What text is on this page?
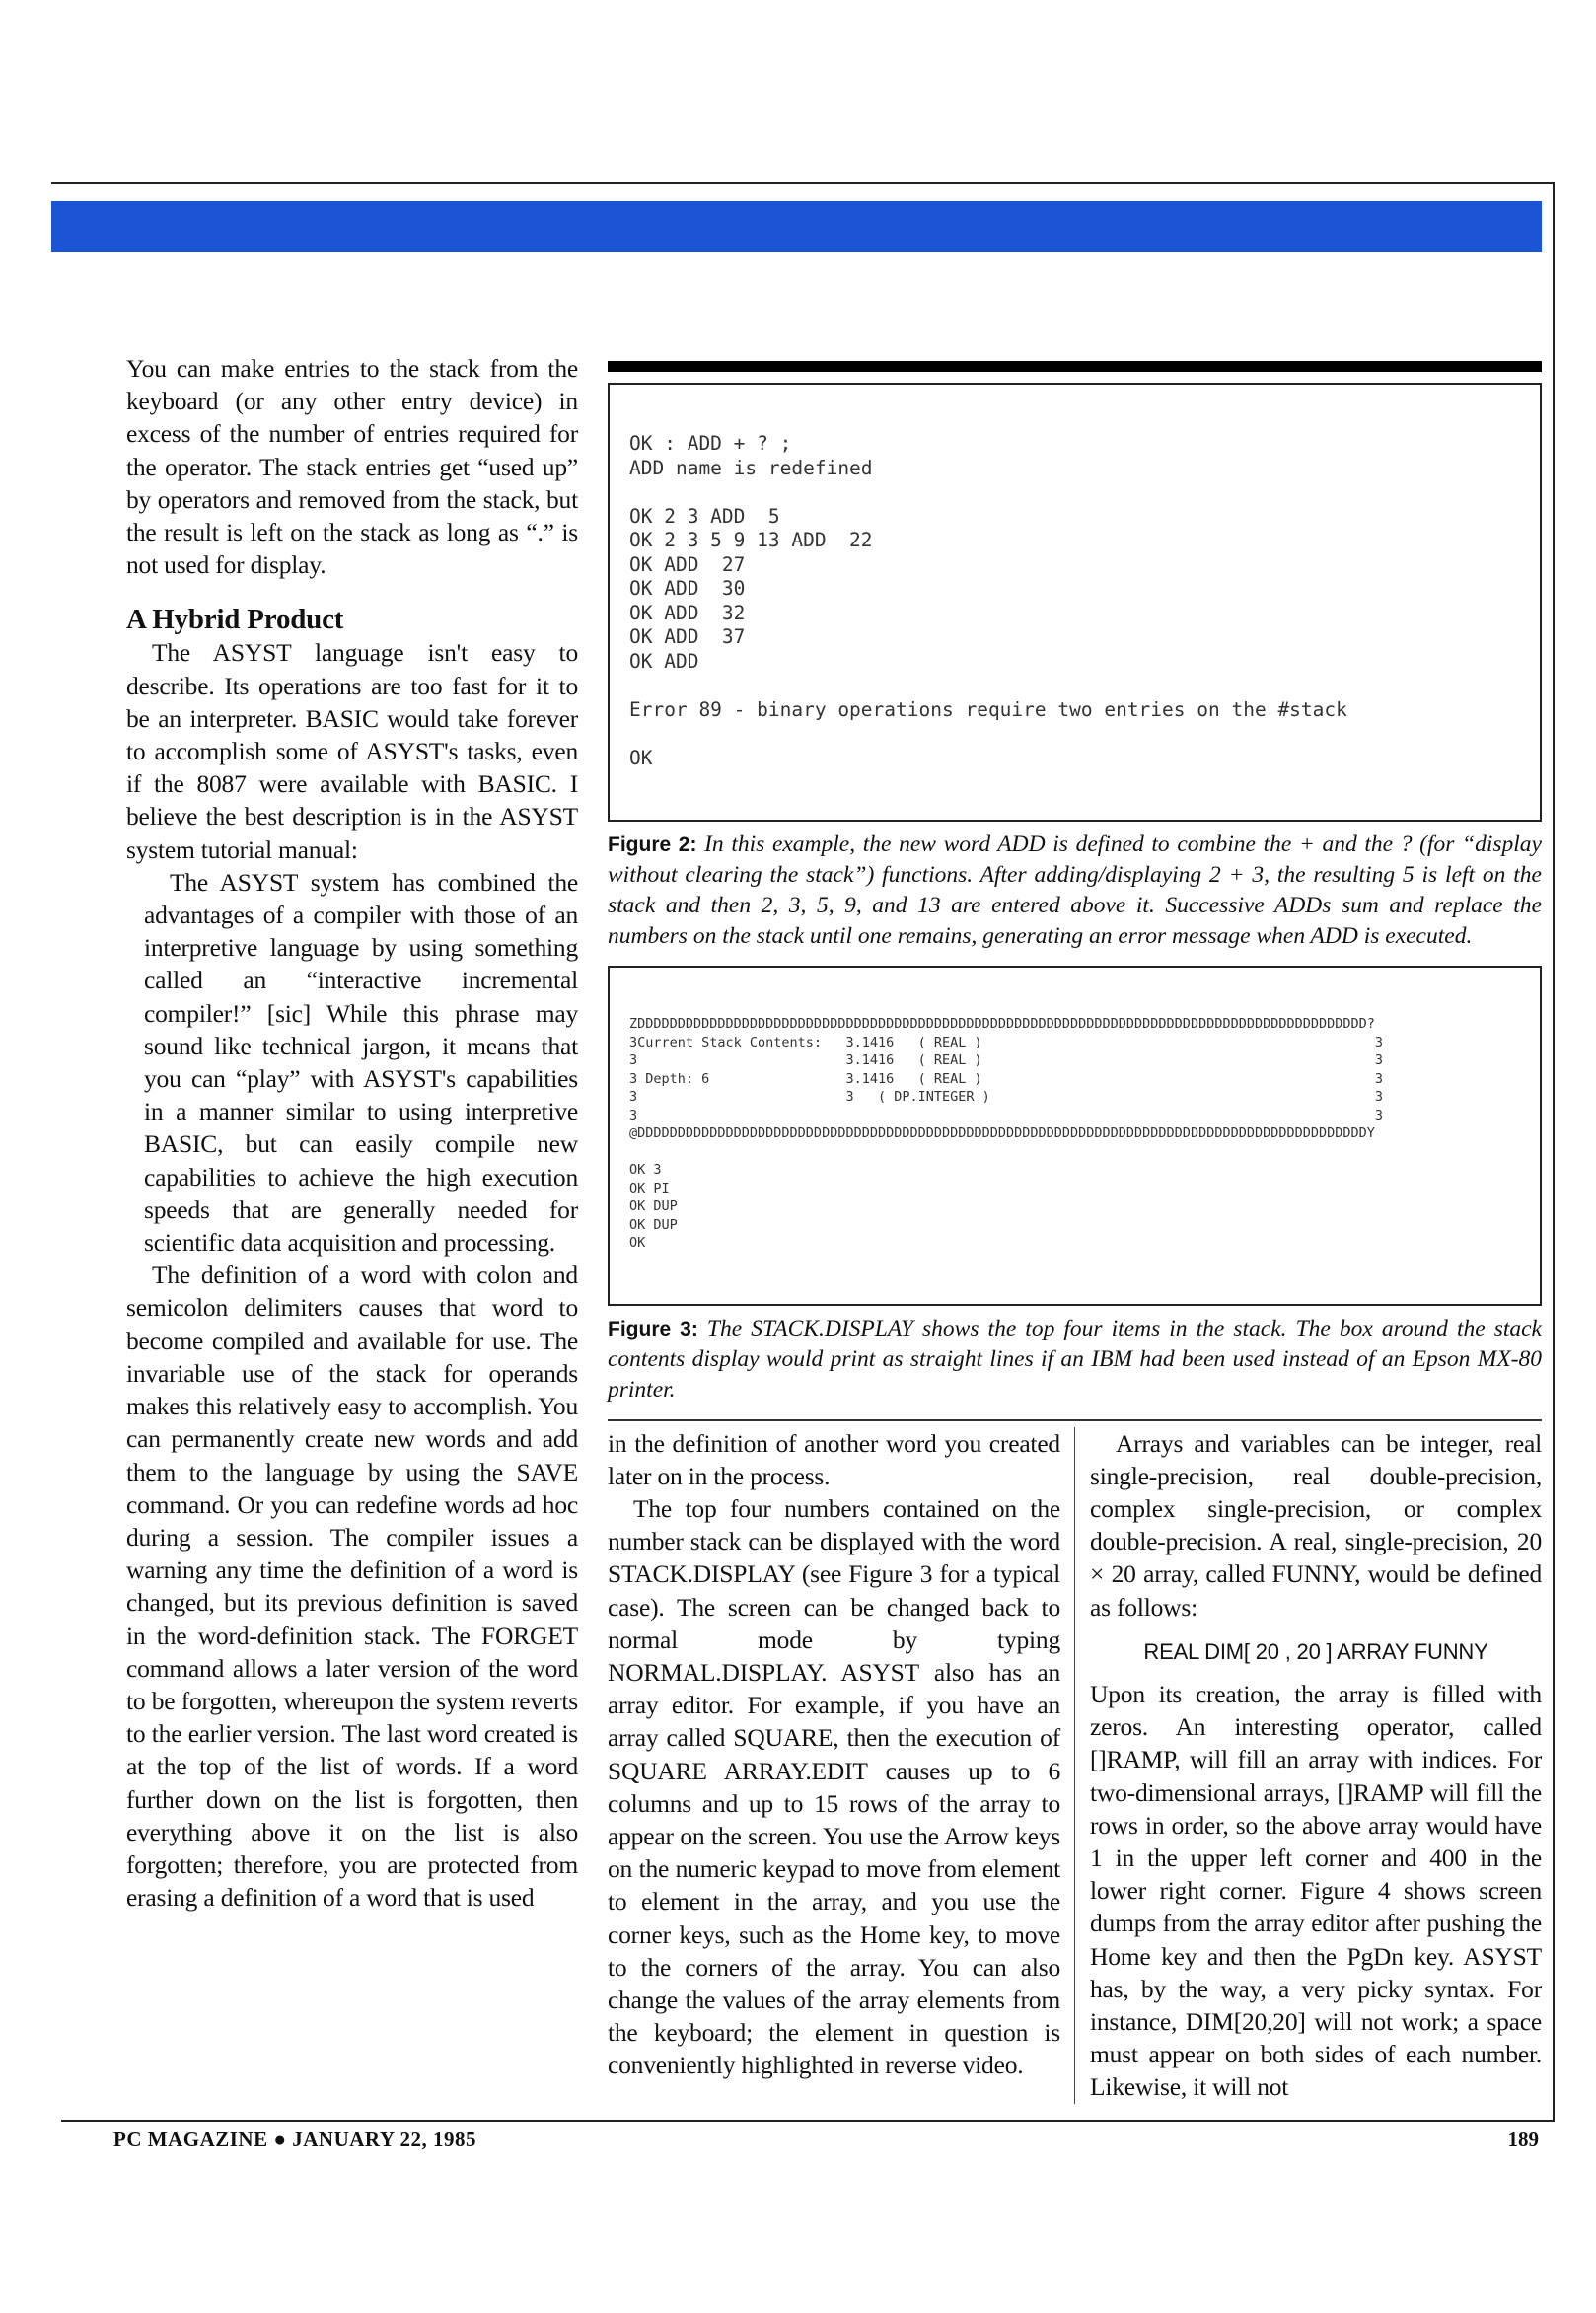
You can make entries to the stack from the keyboard (or any other entry device) in excess of the number of entries required for the operator. The stack entries get “used up” by operators and removed from the stack, but the result is left on the stack as long as “.” is not used for display.

A Hybrid Product

The ASYST language isn't easy to describe. Its operations are too fast for it to be an interpreter. BASIC would take forever to accomplish some of ASYST's tasks, even if the 8087 were available with BASIC. I believe the best description is in the ASYST system tutorial manual:

The ASYST system has combined the advantages of a compiler with those of an interpretive language by using something called an “interactive incremental compiler!” [sic] While this phrase may sound like technical jargon, it means that you can “play” with ASYST's capabilities in a manner similar to using interpretive BASIC, but can easily compile new capabilities to achieve the high execution speeds that are generally needed for scientific data acquisition and processing.

The definition of a word with colon and semicolon delimiters causes that word to become compiled and available for use. The invariable use of the stack for operands makes this relatively easy to accomplish. You can permanently create new words and add them to the language by using the SAVE command. Or you can redefine words ad hoc during a session. The compiler issues a warning any time the definition of a word is changed, but its previous definition is saved in the word-definition stack. The FORGET command allows a later version of the word to be forgotten, whereupon the system reverts to the earlier version. The last word created is at the top of the list of words. If a word further down on the list is forgotten, then everything above it on the list is also forgotten; therefore, you are protected from erasing a definition of a word that is used

OK : ADD + ? ;
ADD name is redefined

OK 2 3 ADD  5
OK 2 3 5 9 13 ADD  22
OK ADD  27
OK ADD  30
OK ADD  32
OK ADD  37
OK ADD

Error 89 - binary operations require two entries on the #stack

OK

Figure 2: In this example, the new word ADD is defined to combine the + and the ? (for “display without clearing the stack”) functions. After adding/displaying 2 + 3, the resulting 5 is left on the stack and then 2, 3, 5, 9, and 13 are entered above it. Successive ADDs sum and replace the numbers on the stack until one remains, generating an error message when ADD is executed.

ZDDDDDDDDDDDDDDDDDDDDDDDDDDDDDDDDDDDDDDDDDDDDDDDDDDDDDDDDDDDDDDDDDDDDDDDDDDDDDDDDDDDDDDDDDDD?
3Current Stack Contents:   3.1416   ( REAL )                                                 3
3                          3.1416   ( REAL )                                                 3
3 Depth: 6                 3.1416   ( REAL )                                                 3
3                          3   ( DP.INTEGER )                                                3
3                                                                                            3
@DDDDDDDDDDDDDDDDDDDDDDDDDDDDDDDDDDDDDDDDDDDDDDDDDDDDDDDDDDDDDDDDDDDDDDDDDDDDDDDDDDDDDDDDDDDY

OK 3
OK PI
OK DUP
OK DUP
OK

Figure 3: The STACK.DISPLAY shows the top four items in the stack. The box around the stack contents display would print as straight lines if an IBM had been used instead of an Epson MX-80 printer.

in the definition of another word you created later on in the process.

The top four numbers contained on the number stack can be displayed with the word STACK.DISPLAY (see Figure 3 for a typical case). The screen can be changed back to normal mode by typing NORMAL.DISPLAY. ASYST also has an array editor. For example, if you have an array called SQUARE, then the execution of SQUARE ARRAY.EDIT causes up to 6 columns and up to 15 rows of the array to appear on the screen. You use the Arrow keys on the numeric keypad to move from element to element in the array, and you use the corner keys, such as the Home key, to move to the corners of the array. You can also change the values of the array elements from the keyboard; the element in question is conveniently highlighted in reverse video.

Arrays and variables can be integer, real single-precision, real double-precision, complex single-precision, or complex double-precision. A real, single-precision, 20 × 20 array, called FUNNY, would be defined as follows:

REAL DIM[ 20 , 20 ] ARRAY FUNNY

Upon its creation, the array is filled with zeros. An interesting operator, called []RAMP, will fill an array with indices. For two-dimensional arrays, []RAMP will fill the rows in order, so the above array would have 1 in the upper left corner and 400 in the lower right corner. Figure 4 shows screen dumps from the array editor after pushing the Home key and then the PgDn key. ASYST has, by the way, a very picky syntax. For instance, DIM[20,20] will not work; a space must appear on both sides of each number. Likewise, it will not

PC MAGAZINE ● JANUARY 22, 1985	189
